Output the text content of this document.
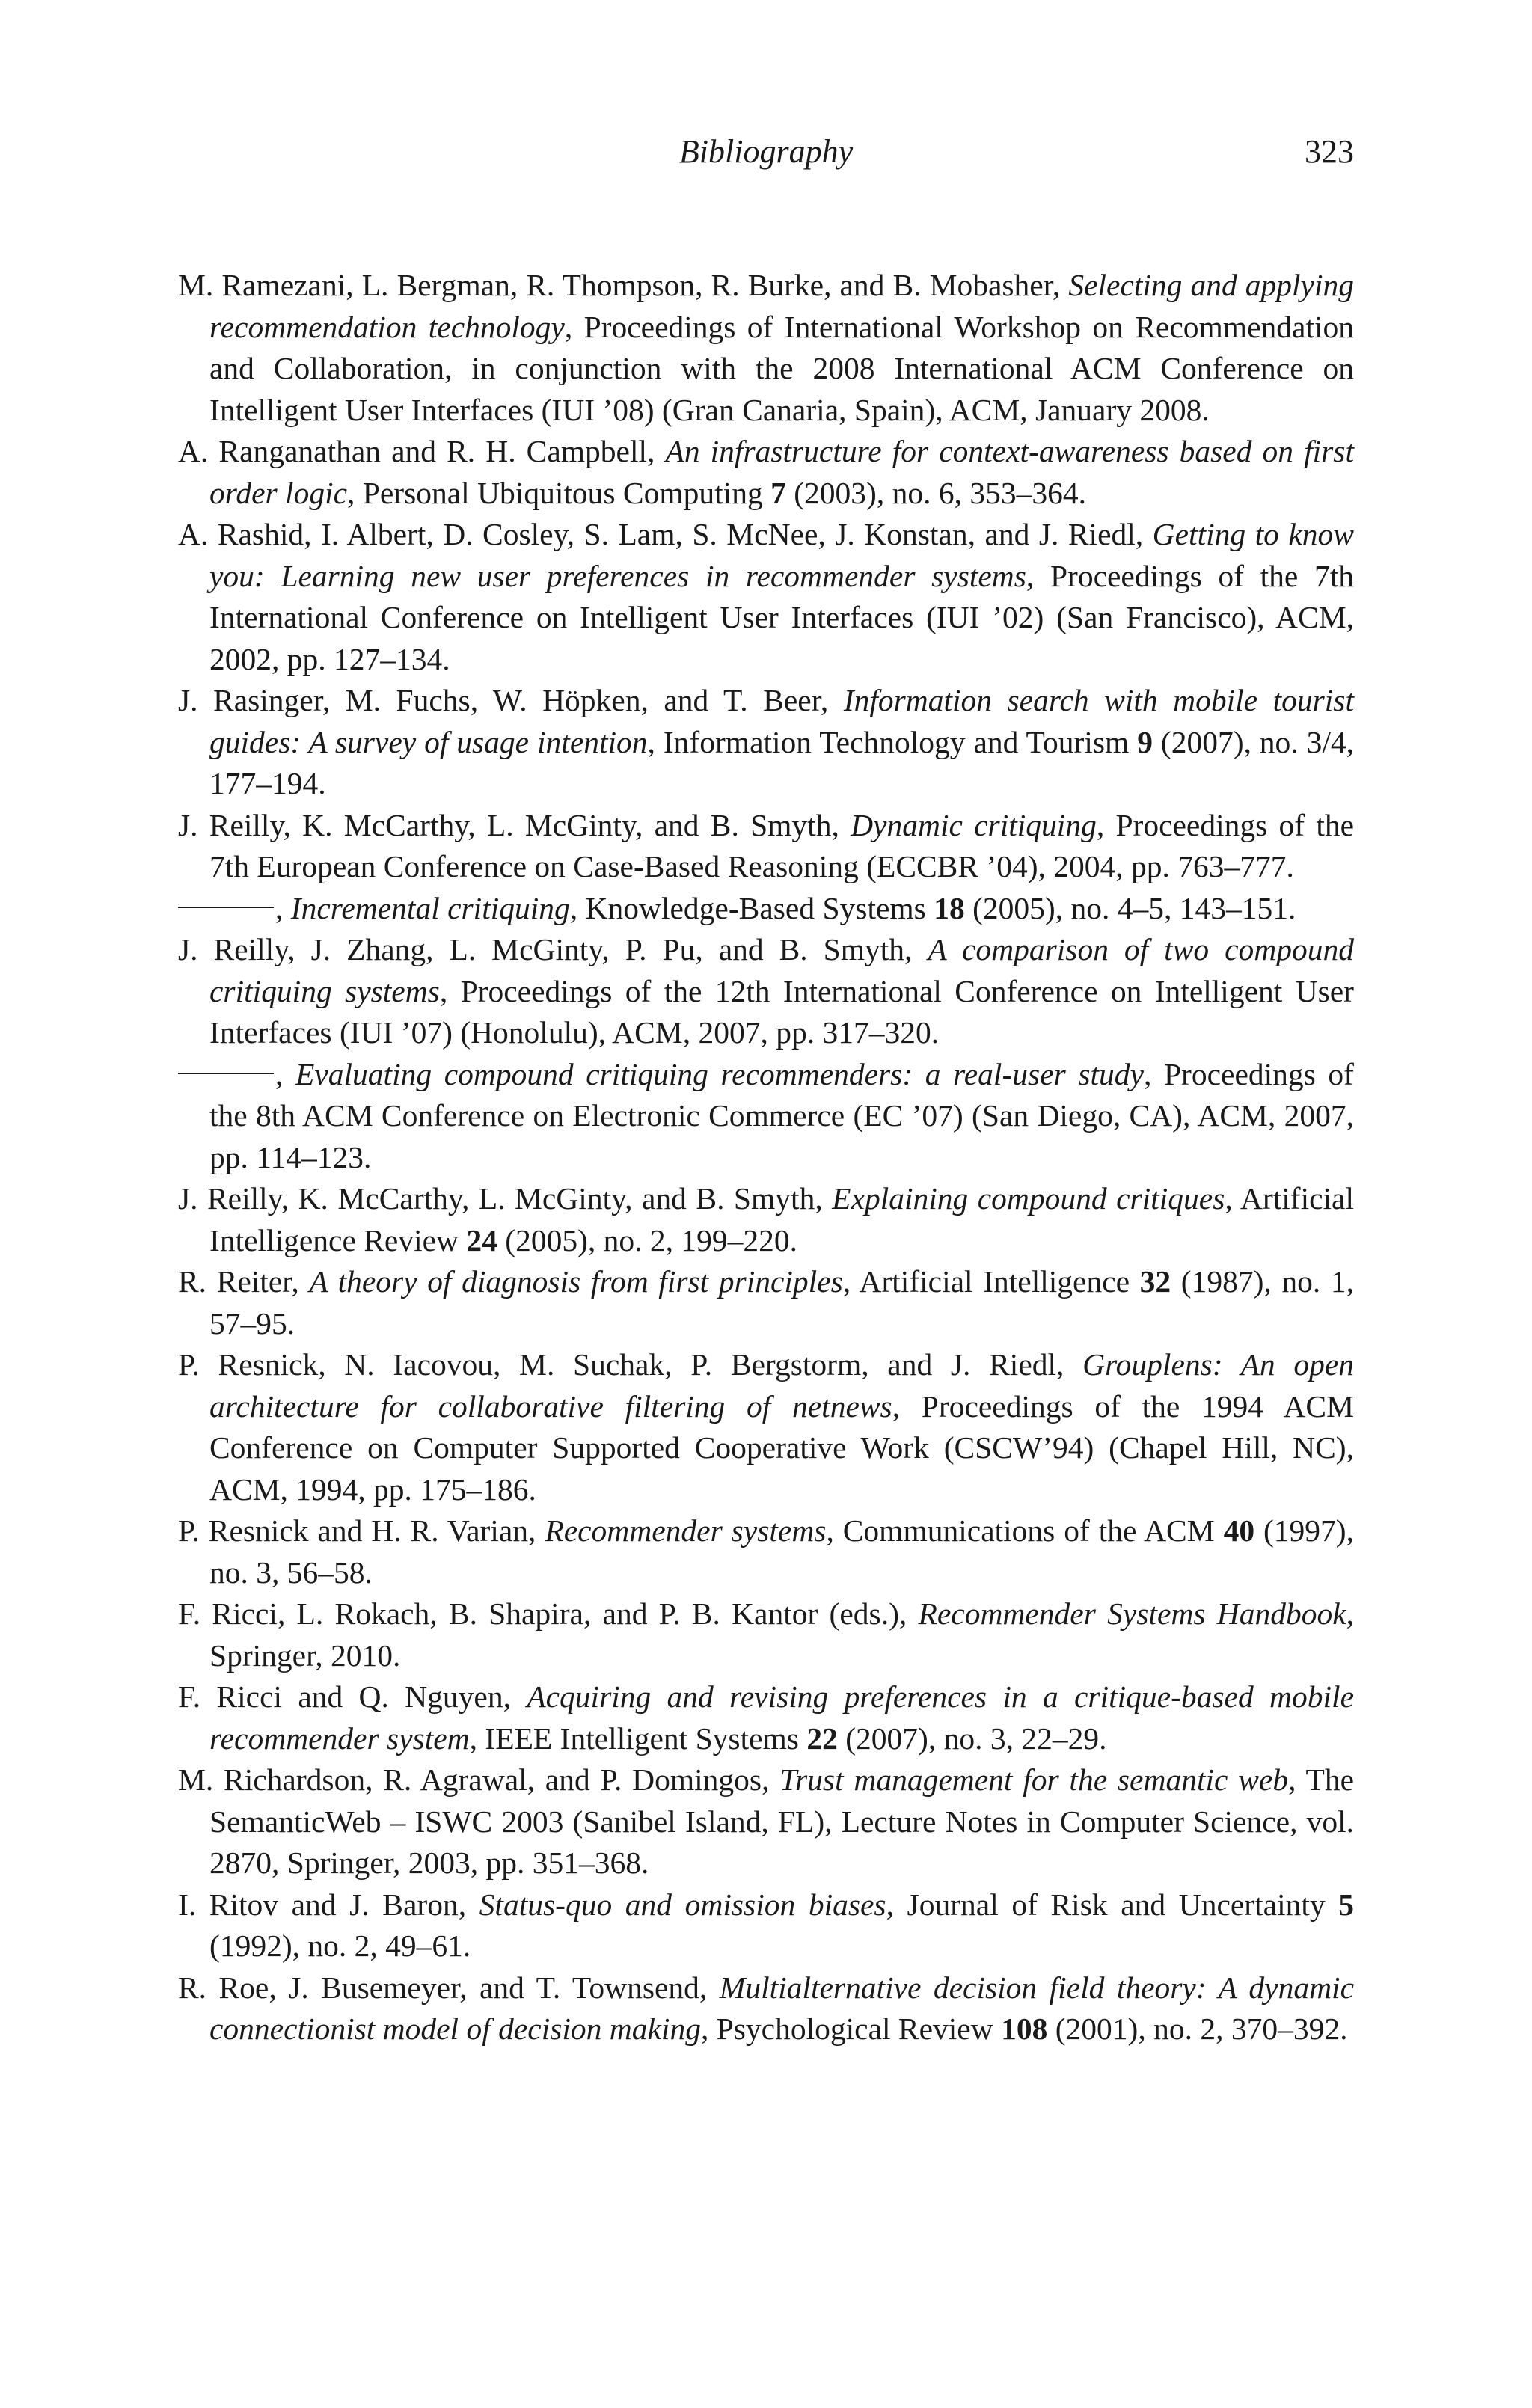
Bibliography	323

M. Ramezani, L. Bergman, R. Thompson, R. Burke, and B. Mobasher, Selecting and applying recommendation technology, Proceedings of International Workshop on Recommendation and Collaboration, in conjunction with the 2008 International ACM Conference on Intelligent User Interfaces (IUI ’08) (Gran Canaria, Spain), ACM, January 2008.

A. Ranganathan and R. H. Campbell, An infrastructure for context-awareness based on first order logic, Personal Ubiquitous Computing 7 (2003), no. 6, 353–364.

A. Rashid, I. Albert, D. Cosley, S. Lam, S. McNee, J. Konstan, and J. Riedl, Getting to know you: Learning new user preferences in recommender systems, Proceedings of the 7th International Conference on Intelligent User Interfaces (IUI ’02) (San Francisco), ACM, 2002, pp. 127–134.

J. Rasinger, M. Fuchs, W. Höpken, and T. Beer, Information search with mobile tourist guides: A survey of usage intention, Information Technology and Tourism 9 (2007), no. 3/4, 177–194.

J. Reilly, K. McCarthy, L. McGinty, and B. Smyth, Dynamic critiquing, Proceedings of the 7th European Conference on Case-Based Reasoning (ECCBR ’04), 2004, pp. 763–777.

, Incremental critiquing, Knowledge-Based Systems 18 (2005), no. 4–5, 143–151.

J. Reilly, J. Zhang, L. McGinty, P. Pu, and B. Smyth, A comparison of two compound critiquing systems, Proceedings of the 12th International Conference on Intelligent User Interfaces (IUI ’07) (Honolulu), ACM, 2007, pp. 317–320.

, Evaluating compound critiquing recommenders: a real-user study, Proceedings of the 8th ACM Conference on Electronic Commerce (EC ’07) (San Diego, CA), ACM, 2007, pp. 114–123.

J. Reilly, K. McCarthy, L. McGinty, and B. Smyth, Explaining compound critiques, Artificial Intelligence Review 24 (2005), no. 2, 199–220.

R. Reiter, A theory of diagnosis from first principles, Artificial Intelligence 32 (1987), no. 1, 57–95.

P. Resnick, N. Iacovou, M. Suchak, P. Bergstorm, and J. Riedl, Grouplens: An open architecture for collaborative filtering of netnews, Proceedings of the 1994 ACM Conference on Computer Supported Cooperative Work (CSCW’94) (Chapel Hill, NC), ACM, 1994, pp. 175–186.

P. Resnick and H. R. Varian, Recommender systems, Communications of the ACM 40 (1997), no. 3, 56–58.

F. Ricci, L. Rokach, B. Shapira, and P. B. Kantor (eds.), Recommender Systems Handbook, Springer, 2010.

F. Ricci and Q. Nguyen, Acquiring and revising preferences in a critique-based mobile recommender system, IEEE Intelligent Systems 22 (2007), no. 3, 22–29.

M. Richardson, R. Agrawal, and P. Domingos, Trust management for the semantic web, The SemanticWeb – ISWC 2003 (Sanibel Island, FL), Lecture Notes in Computer Science, vol. 2870, Springer, 2003, pp. 351–368.

I. Ritov and J. Baron, Status-quo and omission biases, Journal of Risk and Uncertainty 5 (1992), no. 2, 49–61.

R. Roe, J. Busemeyer, and T. Townsend, Multialternative decision field theory: A dynamic connectionist model of decision making, Psychological Review 108 (2001), no. 2, 370–392.
